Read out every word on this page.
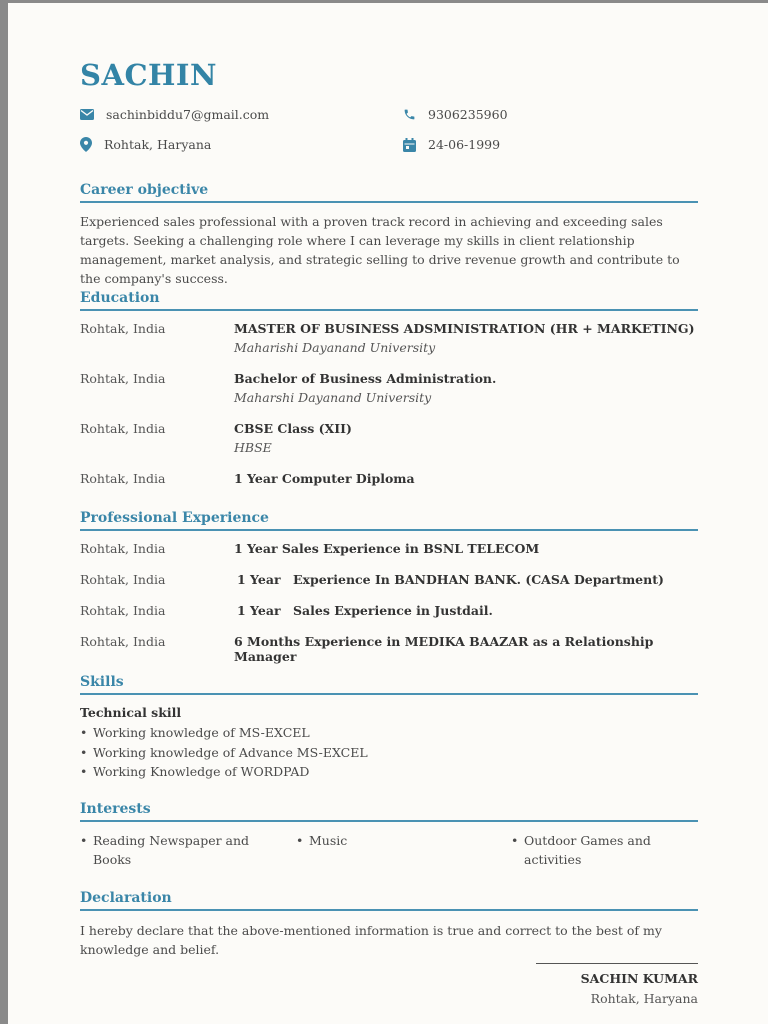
SACHIN
sachinbiddu7@gmail.com	9306235960
Rohtak, Haryana	24-06-1999
Career objective
Experienced sales professional with a proven track record in achieving and exceeding sales targets. Seeking a challenging role where I can leverage my skills in client relationship management, market analysis, and strategic selling to drive revenue growth and contribute to the company's success.
Education
Rohtak, India	MASTER OF BUSINESS ADSMINISTRATION (HR + MARKETING)
Maharishi Dayanand University
Rohtak, India	Bachelor of Business Administration.
Maharshi Dayanand University
Rohtak, India	CBSE Class (XII)
HBSE
Rohtak, India	1 Year Computer Diploma
Professional Experience
Rohtak, India	1 Year Sales Experience in BSNL TELECOM
Rohtak, India	1 Year Experience In BANDHAN BANK. (CASA Department)
Rohtak, India	1 Year Sales Experience in Justdail.
Rohtak, India	6 Months Experience in MEDIKA BAAZAR as a Relationship Manager
Skills
Technical skill
• Working knowledge of MS-EXCEL
• Working knowledge of Advance MS-EXCEL
• Working Knowledge of WORDPAD
Interests
• Reading Newspaper and Books
• Music
•	Outdoor Games and activities
Declaration
I hereby declare that the above-mentioned information is true and correct to the best of my knowledge and belief.
SACHIN KUMAR
Rohtak, Haryana
